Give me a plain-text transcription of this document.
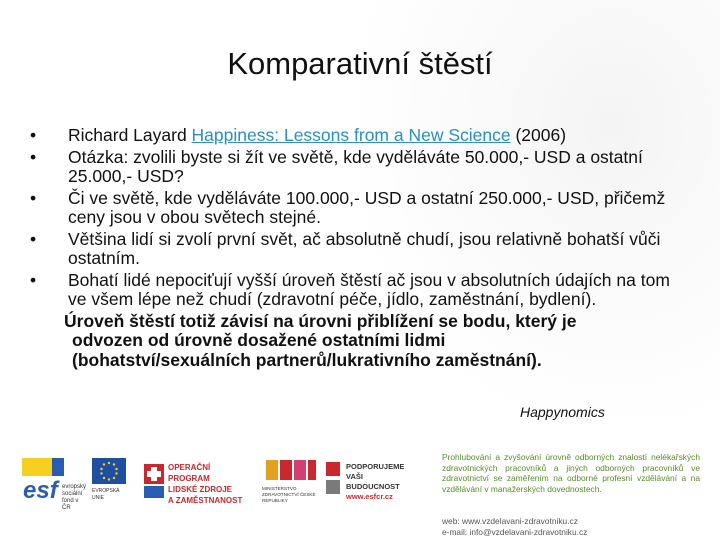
Komparativní štěstí
• Richard Layard Happiness: Lessons from a New Science (2006)
• Otázka: zvolili byste si žít ve světě, kde vyděláváte 50.000,- USD a ostatní 25.000,- USD?
• Či ve světě, kde vyděláváte 100.000,- USD a ostatní 250.000,- USD, přičemž ceny jsou v obou světech stejné.
• Většina lidí si zvolí první svět, ač absolutně chudí, jsou relativně bohatší vůči ostatním.
• Bohatí lidé nepociťují vyšší úroveň štěstí ač jsou v absolutních údajích na tom ve všem lépe než chudí (zdravotní péče, jídlo, zaměstnání, bydlení).
Úroveň štěstí totiž závisí na úrovni přiblížení se bodu, který je
odvozen od úrovně dosažené ostatními lidmi
(bohatství/sexuálních partnerů/lukrativního zaměstnání).
Happynomics
esf evropský sociální fond v ČR
EVROPSKÁ UNIE
OPERAČNÍ PROGRAM
LIDSKÉ ZDROJE
A ZAMĚSTNANOST
MINISTERSTVO ZDRAVOTNICTVÍ ČESKÉ REPUBLIKY
PODPORUJEME
VAŠI BUDOUCNOST
www.esfcr.cz
Prohlubování a zvyšování úrovně odborných znalostí nelékařských zdravotnických pracovníků a jiných odborných pracovníků ve zdravotnictví se zaměřením na odborné profesní vzdělávání a na vzdělávání v manažerských dovednostech.
web: www.vzdelavani-zdravotniku.cz
e-mail: info@vzdelavani-zdravotniku.cz
